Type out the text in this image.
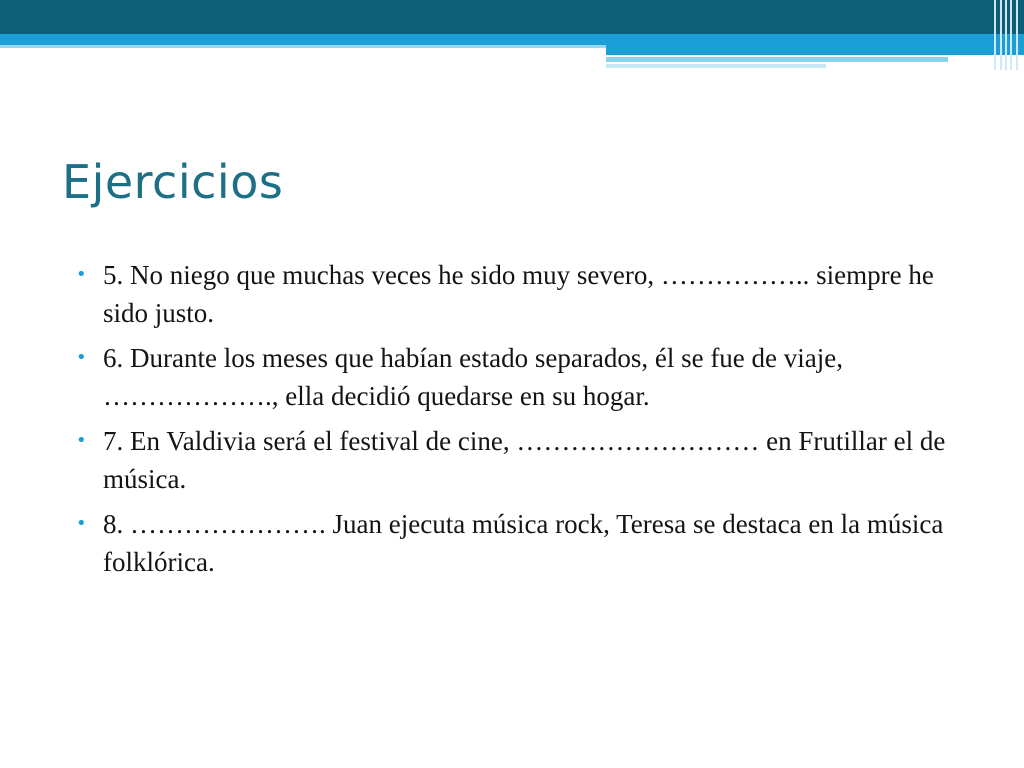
Ejercicios
• 5. No niego que muchas veces he sido muy severo, …………….. siempre he sido justo.
• 6. Durante los meses que habían estado separados, él se fue de viaje, ………………., ella decidió quedarse en su hogar.
• 7. En Valdivia será el festival de cine, ……………………… en Frutillar el de música.
• 8. …………………. Juan ejecuta música rock, Teresa se destaca en la música folklórica.
